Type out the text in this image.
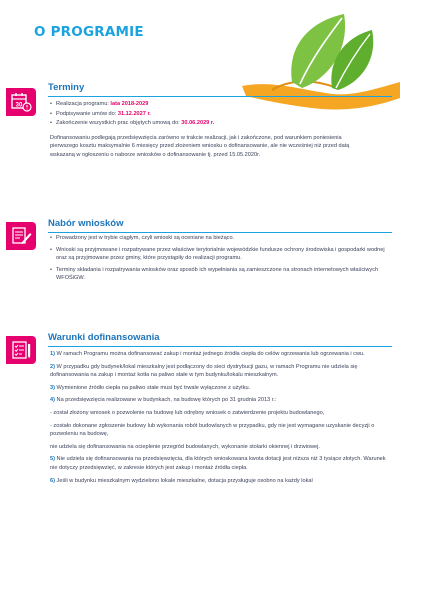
O PROGRAMIE
30
Terminy
• Realizacja programu: lata 2018-2029
• Podpisywanie umów do: 31.12.2027 r.
• Zakończenie wszystkich prac objętych umową do: 30.06.2029 r.

Dofinansowaniu podlegają przedsięwzięcia zarówno w trakcie realizacji, jak i zakończone, pod warunkiem poniesienia pierwszego kosztu maksymalnie 6 miesięcy przed złożeniem wniosku o dofinansowanie, ale nie wcześniej niż przed datą wskazaną w ogłoszeniu o naborze wniosków o dofinansowanie tj. przed 15.05.2020r.

Nabór wniosków
• Prowadzony jest w trybie ciągłym, czyli wnioski są oceniane na bieżąco.
• Wnioski są przyjmowane i rozpatrywane przez właściwe terytorialnie wojewódzkie fundusze ochrony środowiska i gospodarki wodnej oraz są przyjmowane przez gminy, które przystąpiły do realizacji programu.
• Terminy składania i rozpatrywania wniosków oraz sposób ich wypełniania są zamieszczone na stronach internetowych właściwych WFOŚiGW.
Warunki dofinansowania

1) W ramach Programu można dofinansować zakup i montaż jednego źródła ciepła do celów ogrzewania lub ogrzewania i cwu.

2) W przypadku gdy budynek/lokal mieszkalny jest podłączony do sieci dystrybucji gazu, w ramach Programu nie udziela się dofinansowania na zakup i montaż kotła na paliwo stałe w tym budynku/lokalu mieszkalnym.

3) Wymienione źródło ciepła na paliwo stałe musi być trwale wyłączone z użytku.

4) Na przedsięwzięcia realizowane w budynkach, na budowę których po 31 grudnia 2013 r.:

- został złożony wniosek o pozwolenie na budowę lub odrębny wniosek o zatwierdzenie projektu budowlanego,

- zostało dokonane zgłoszenie budowy lub wykonania robót budowlanych w przypadku, gdy nie jest wymagane uzyskanie decyzji o pozwoleniu na budowę,

nie udziela się dofinansowania na ocieplenie przegród budowlanych, wykonanie stolarki okiennej i drzwiowej.

5) Nie udziela się dofinansowania na przedsięwzięcia, dla których wnioskowana kwota dotacji jest niższa niż 3 tysiące złotych. Warunek nie dotyczy przedsięwzięć, w zakresie których jest zakup i montaż źródła ciepła.

6) Jeśli w budynku mieszkalnym wydzielono lokale mieszkalne, dotacja przysługuje osobno na każdy lokal
